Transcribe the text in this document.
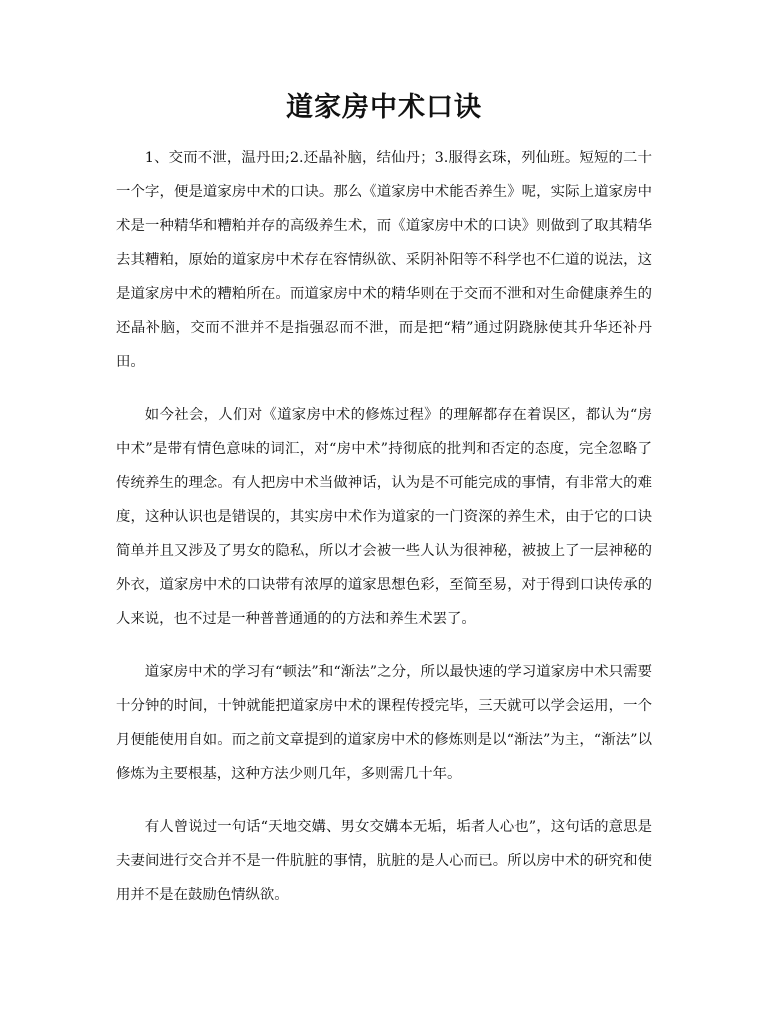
道家房中术口诀

1、交而不泄，温丹田;2.还晶补脑，结仙丹；3.服得玄珠，列仙班。短短的二十一个字，便是道家房中术的口诀。那么《道家房中术能否养生》呢，实际上道家房中术是一种精华和糟粕并存的高级养生术，而《道家房中术的口诀》则做到了取其精华去其糟粕，原始的道家房中术存在容情纵欲、采阴补阳等不科学也不仁道的说法，这是道家房中术的糟粕所在。而道家房中术的精华则在于交而不泄和对生命健康养生的还晶补脑，交而不泄并不是指强忍而不泄，而是把“精”通过阴跷脉使其升华还补丹田。

如今社会，人们对《道家房中术的修炼过程》的理解都存在着误区，都认为“房中术”是带有情色意味的词汇，对“房中术”持彻底的批判和否定的态度，完全忽略了传统养生的理念。有人把房中术当做神话，认为是不可能完成的事情，有非常大的难度，这种认识也是错误的，其实房中术作为道家的一门资深的养生术，由于它的口诀简单并且又涉及了男女的隐私，所以才会被一些人认为很神秘，被披上了一层神秘的外衣，道家房中术的口诀带有浓厚的道家思想色彩，至简至易，对于得到口诀传承的人来说，也不过是一种普普通通的的方法和养生术罢了。

道家房中术的学习有“顿法”和“渐法”之分，所以最快速的学习道家房中术只需要十分钟的时间，十钟就能把道家房中术的课程传授完毕，三天就可以学会运用，一个月便能使用自如。而之前文章提到的道家房中术的修炼则是以“渐法”为主，“渐法”以修炼为主要根基，这种方法少则几年，多则需几十年。

有人曾说过一句话“天地交媾、男女交媾本无垢，垢者人心也”，这句话的意思是夫妻间进行交合并不是一件肮脏的事情，肮脏的是人心而已。所以房中术的研究和使用并不是在鼓励色情纵欲。
